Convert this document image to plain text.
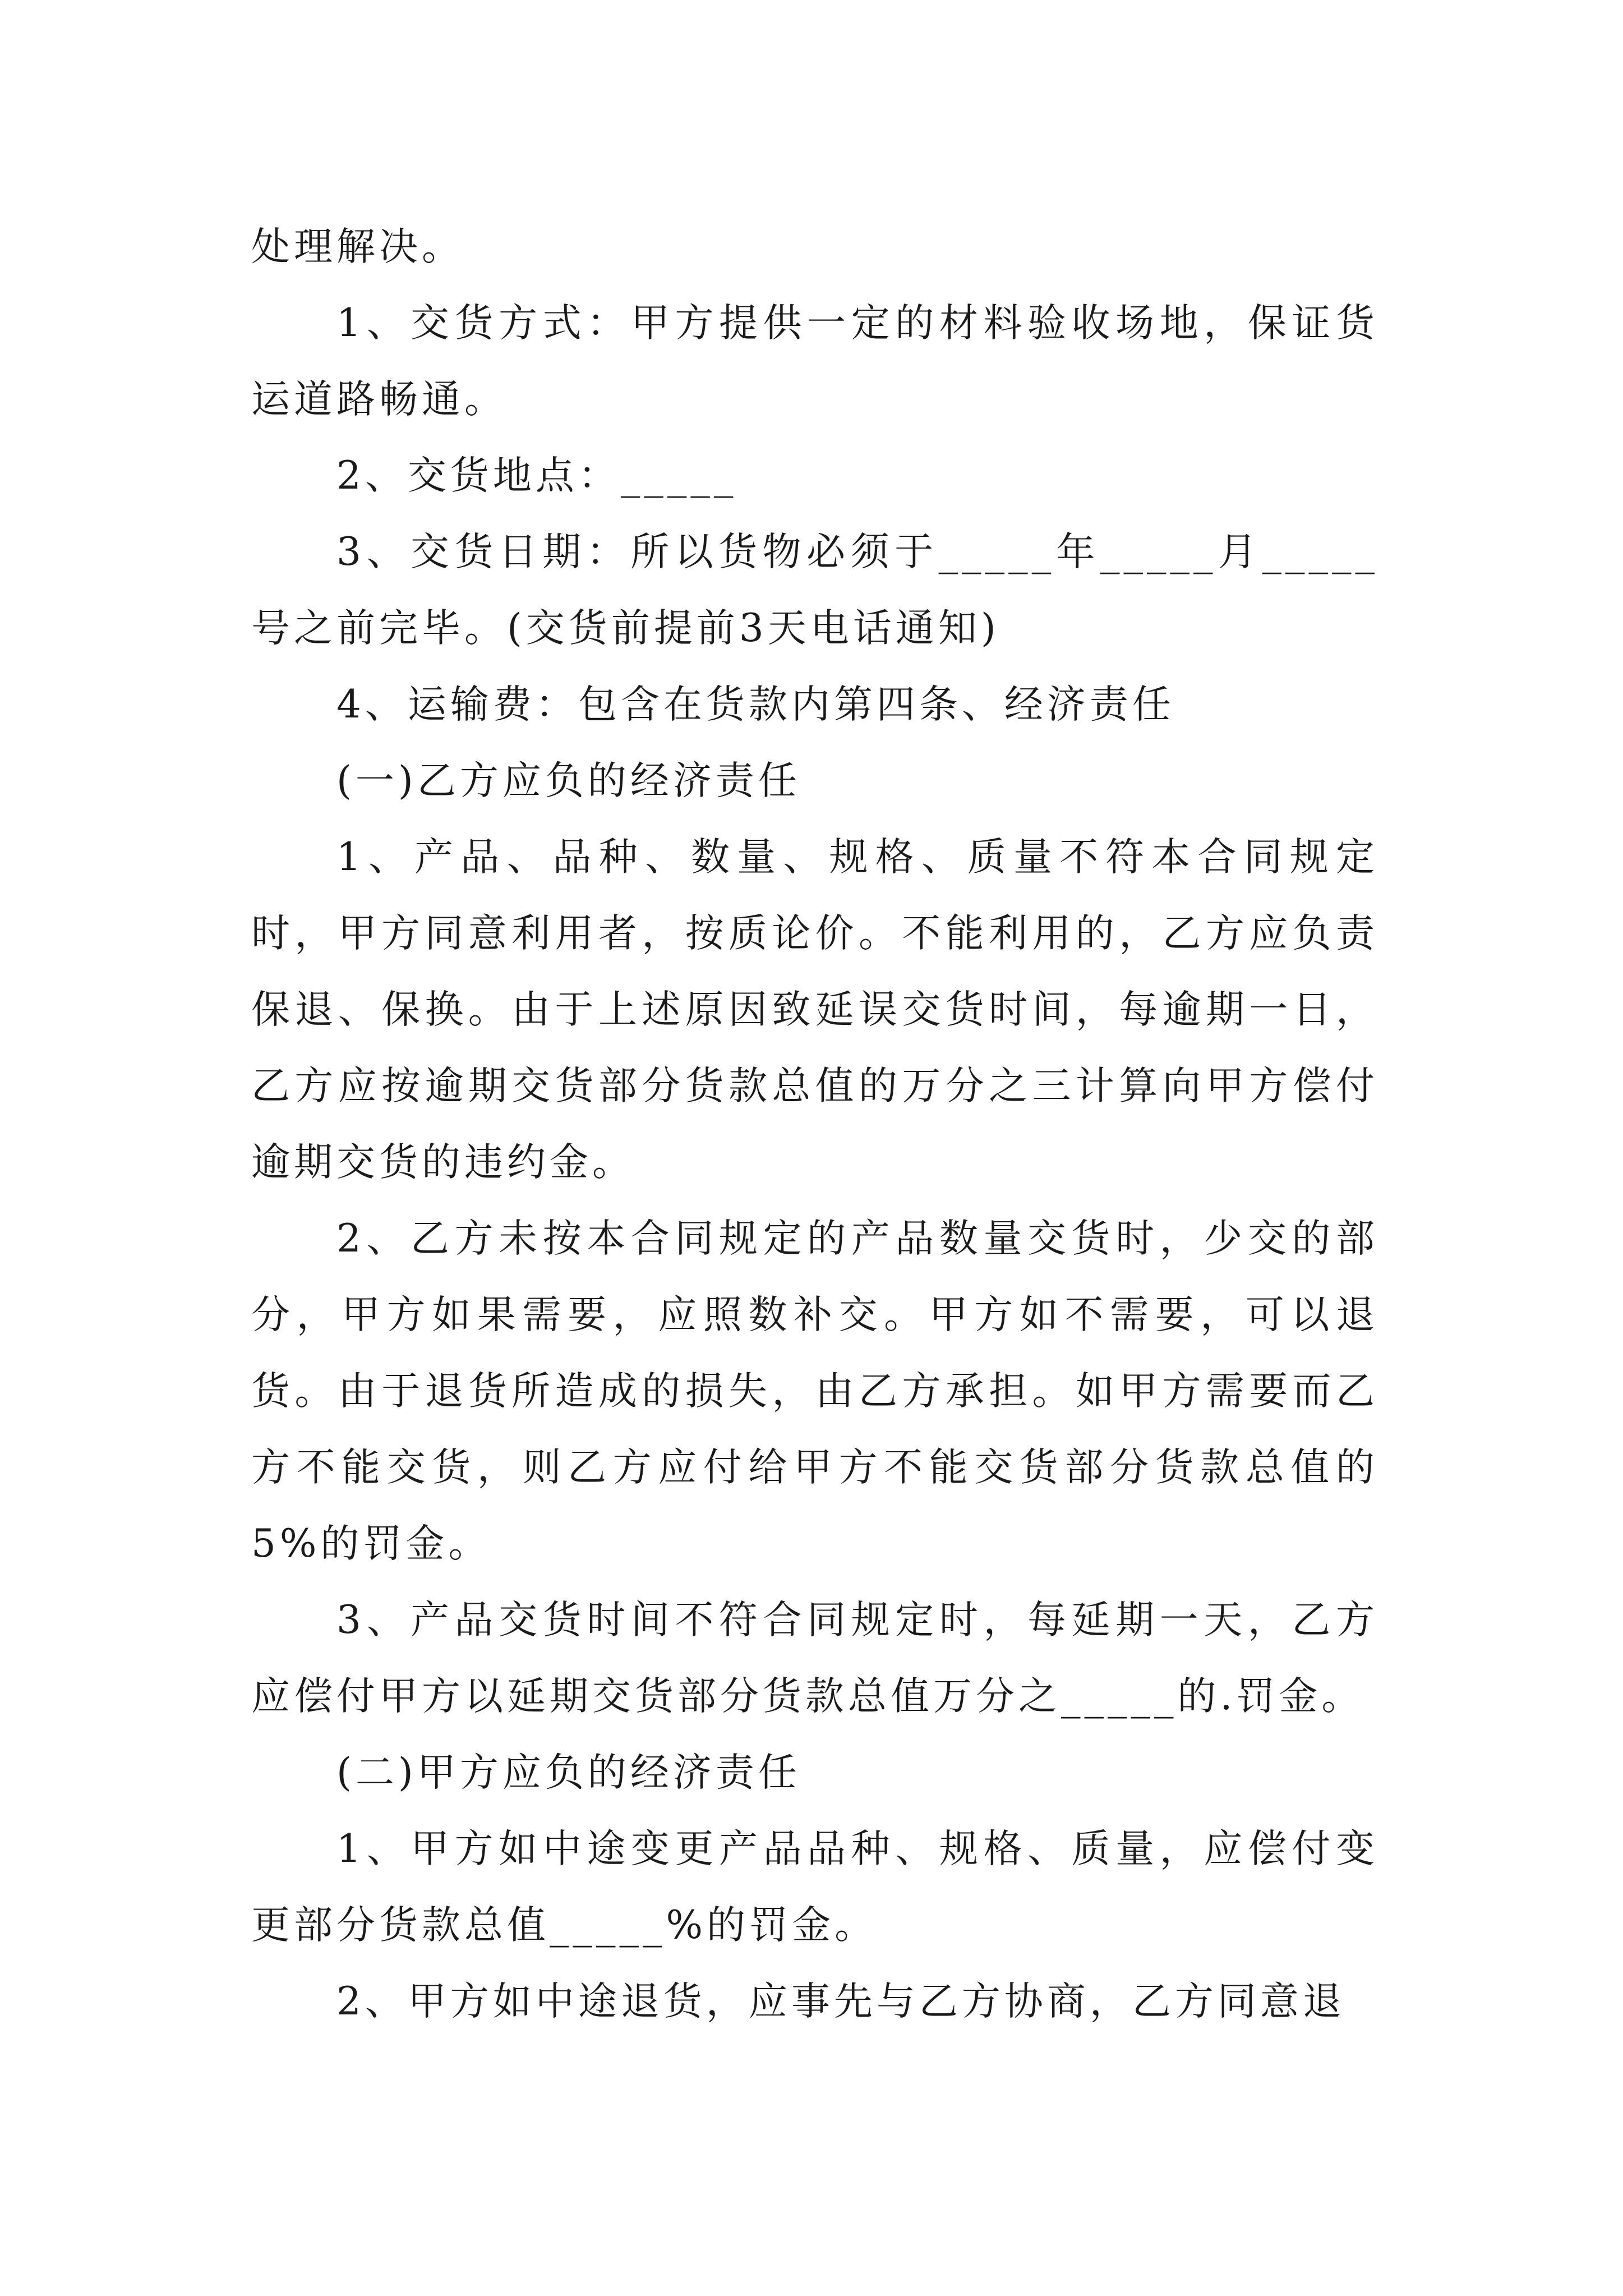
处理解决。

1、交货方式：甲方提供一定的材料验收场地，保证货运道路畅通。

2、交货地点：_____

3、交货日期：所以货物必须于_____年_____月_____号之前完毕。(交货前提前3天电话通知)

4、运输费：包含在货款内第四条、经济责任

(一)乙方应负的经济责任

1、产品、品种、数量、规格、质量不符本合同规定时，甲方同意利用者，按质论价。不能利用的，乙方应负责保退、保换。由于上述原因致延误交货时间，每逾期一日，乙方应按逾期交货部分货款总值的万分之三计算向甲方偿付逾期交货的违约金。

2、乙方未按本合同规定的产品数量交货时，少交的部分，甲方如果需要，应照数补交。甲方如不需要，可以退货。由于退货所造成的损失，由乙方承担。如甲方需要而乙方不能交货，则乙方应付给甲方不能交货部分货款总值的5%的罚金。

3、产品交货时间不符合同规定时，每延期一天，乙方应偿付甲方以延期交货部分货款总值万分之_____的.罚金。

(二)甲方应负的经济责任

1、甲方如中途变更产品品种、规格、质量，应偿付变更部分货款总值_____%的罚金。

2、甲方如中途退货，应事先与乙方协商，乙方同意退
